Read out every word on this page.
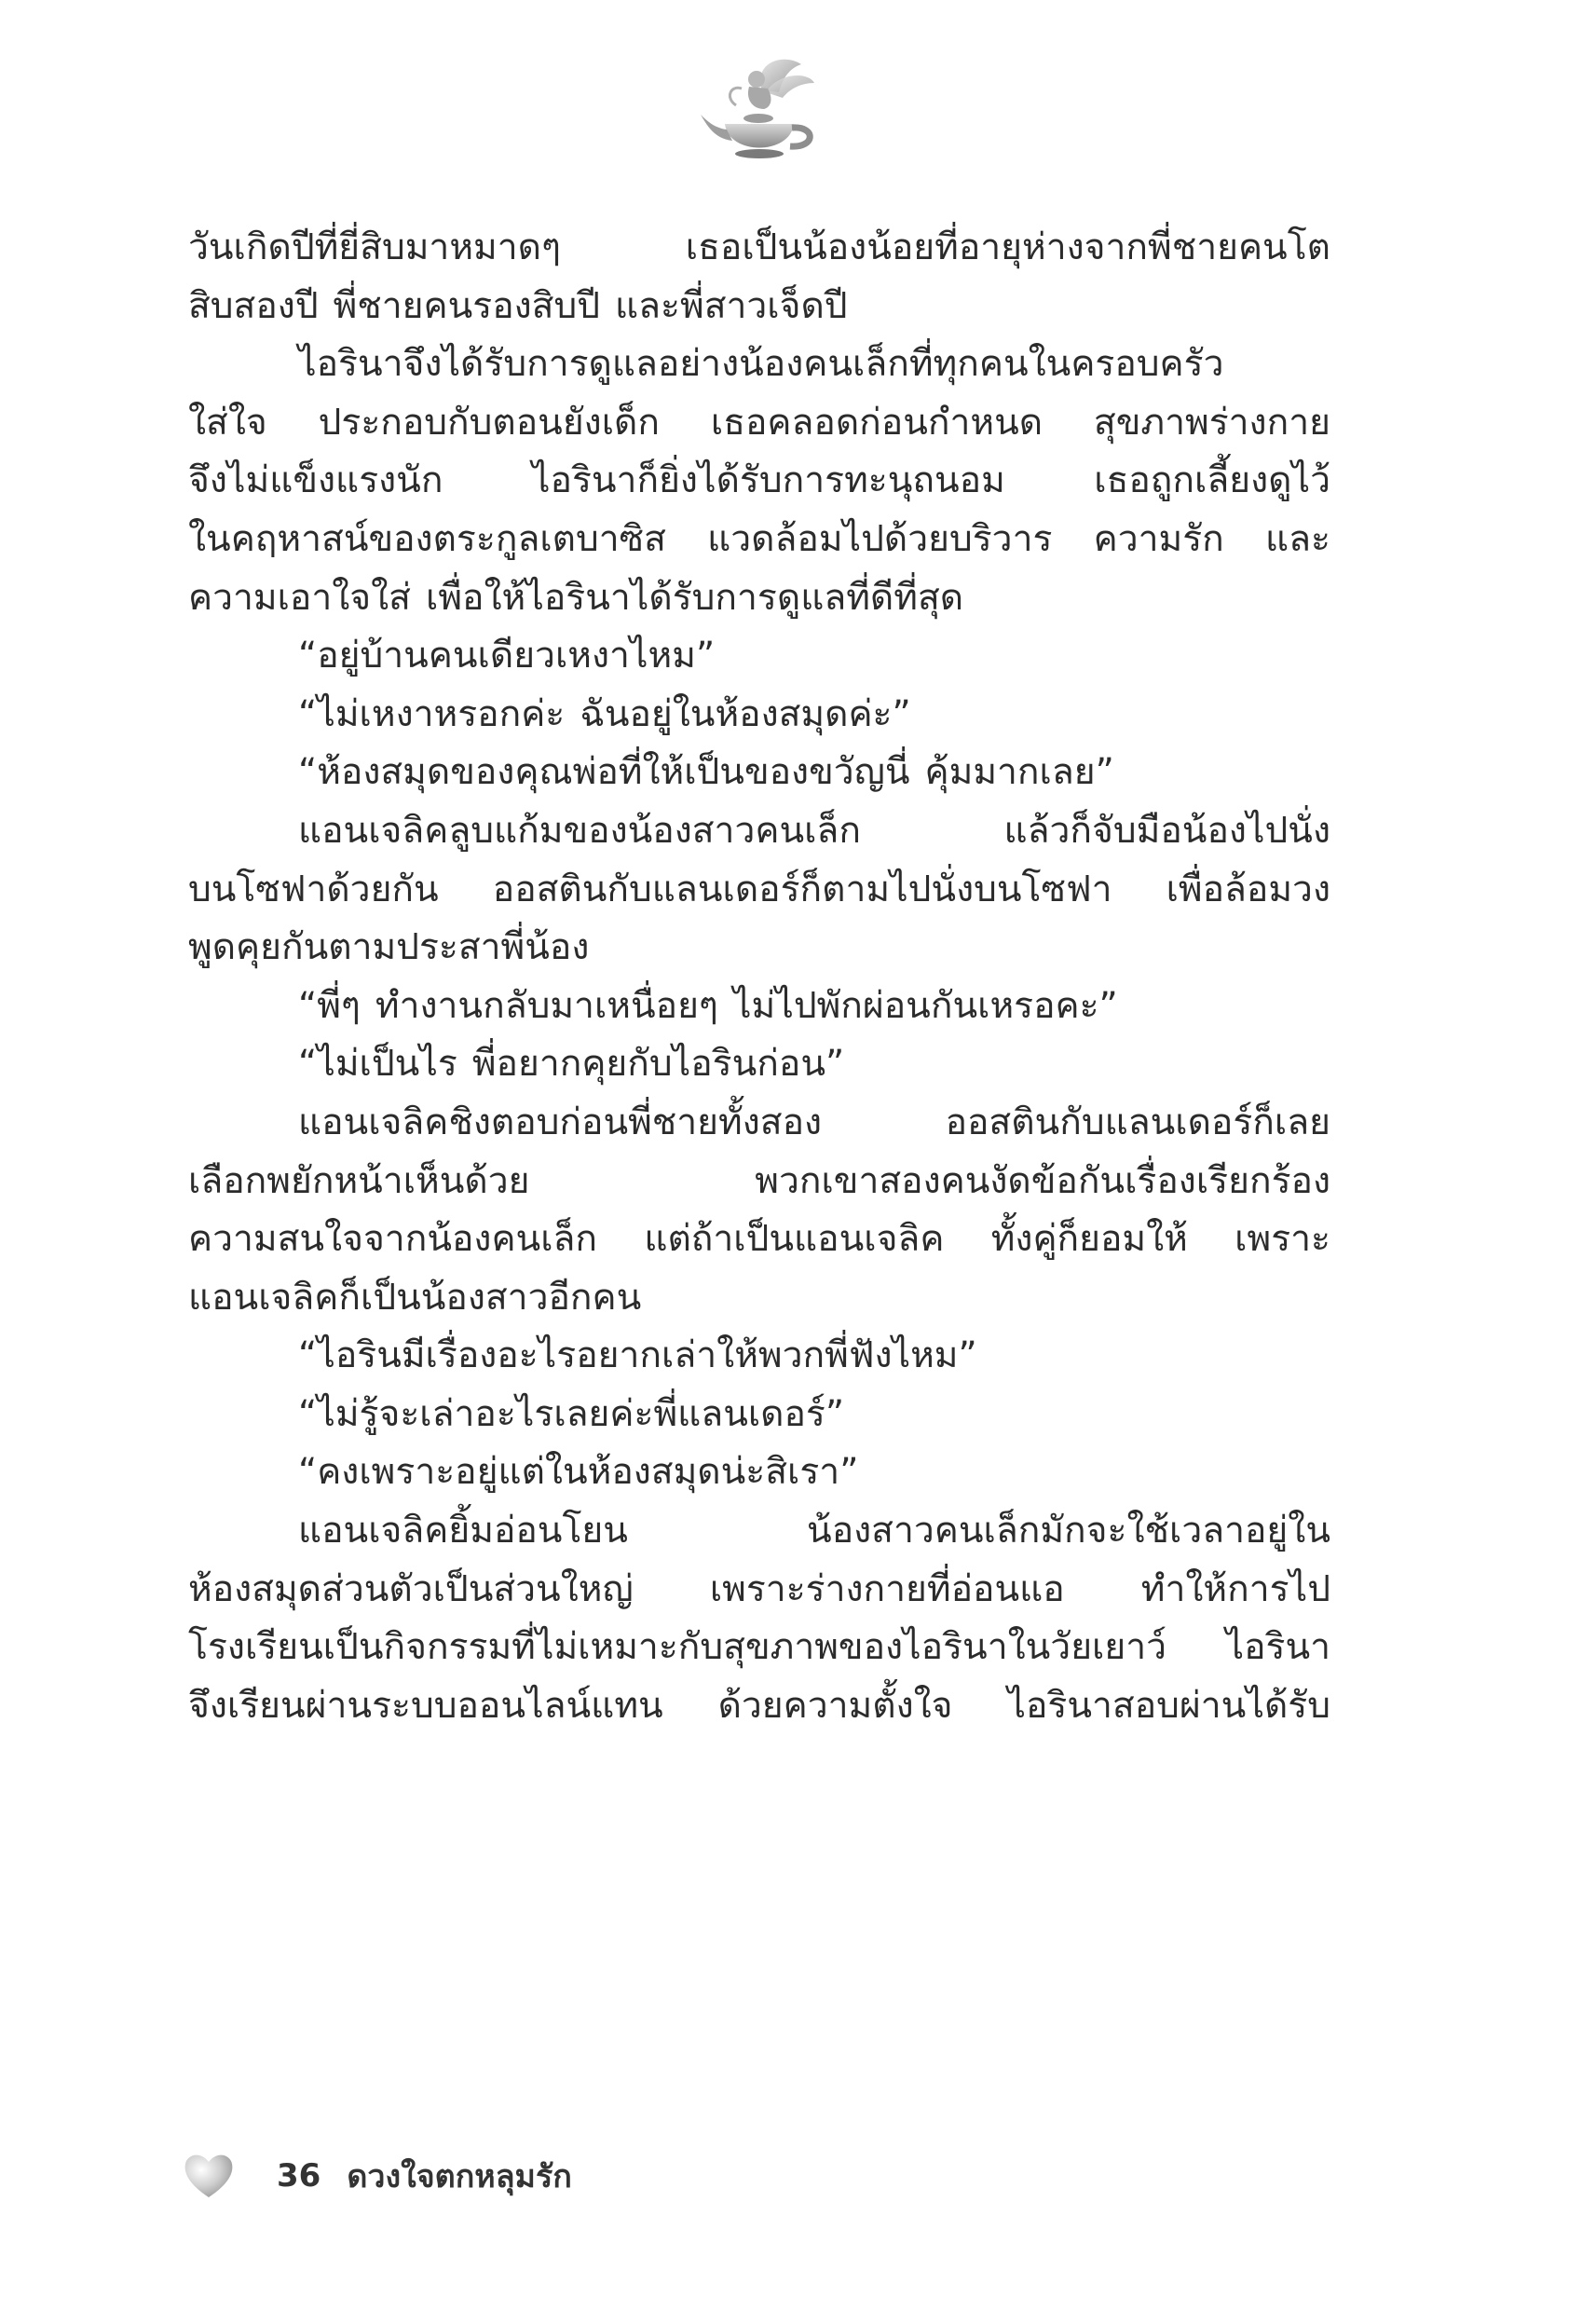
วันเกิดปีที่ยี่สิบมาหมาดๆ	เธอเป็นน้องน้อยที่อายุห่างจากพี่ชายคนโต
สิบสองปี พี่ชายคนรองสิบปี และพี่สาวเจ็ดปี
ไอรินาจึงได้รับการดูแลอย่างน้องคนเล็กที่ทุกคนในครอบครัว
ใส่ใจ ประกอบกับตอนยังเด็ก เธอคลอดก่อนกำหนด สุขภาพร่างกาย
จึงไม่แข็งแรงนัก ไอรินาก็ยิ่งได้รับการทะนุถนอม เธอถูกเลี้ยงดูไว้
ในคฤหาสน์ของตระกูลเตบาซิส แวดล้อมไปด้วยบริวาร ความรัก และ
ความเอาใจใส่ เพื่อให้ไอรินาได้รับการดูแลที่ดีที่สุด
“อยู่บ้านคนเดียวเหงาไหม”
“ไม่เหงาหรอกค่ะ ฉันอยู่ในห้องสมุดค่ะ”
“ห้องสมุดของคุณพ่อที่ให้เป็นของขวัญนี่ คุ้มมากเลย”
แอนเจลิคลูบแก้มของน้องสาวคนเล็ก	แล้วก็จับมือน้องไปนั่ง
บนโซฟาด้วยกัน ออสตินกับแลนเดอร์ก็ตามไปนั่งบนโซฟา เพื่อล้อมวง
พูดคุยกันตามประสาพี่น้อง
“พี่ๆ ทำงานกลับมาเหนื่อยๆ ไม่ไปพักผ่อนกันเหรอคะ”
“ไม่เป็นไร พี่อยากคุยกับไอรินก่อน”
แอนเจลิคชิงตอบก่อนพี่ชายทั้งสอง	ออสตินกับแลนเดอร์ก็เลย
เลือกพยักหน้าเห็นด้วย	พวกเขาสองคนงัดข้อกันเรื่องเรียกร้อง
ความสนใจจากน้องคนเล็ก แต่ถ้าเป็นแอนเจลิค ทั้งคู่ก็ยอมให้ เพราะ
แอนเจลิคก็เป็นน้องสาวอีกคน
“ไอรินมีเรื่องอะไรอยากเล่าให้พวกพี่ฟังไหม”
“ไม่รู้จะเล่าอะไรเลยค่ะพี่แลนเดอร์”
“คงเพราะอยู่แต่ในห้องสมุดน่ะสิเรา”
แอนเจลิคยิ้มอ่อนโยน	น้องสาวคนเล็กมักจะใช้เวลาอยู่ใน
ห้องสมุดส่วนตัวเป็นส่วนใหญ่ เพราะร่างกายที่อ่อนแอ ทำให้การไป
โรงเรียนเป็นกิจกรรมที่ไม่เหมาะกับสุขภาพของไอรินาในวัยเยาว์ ไอรินา
จึงเรียนผ่านระบบออนไลน์แทน ด้วยความตั้งใจ ไอรินาสอบผ่านได้รับ
36 ดวงใจตกหลุมรัก
